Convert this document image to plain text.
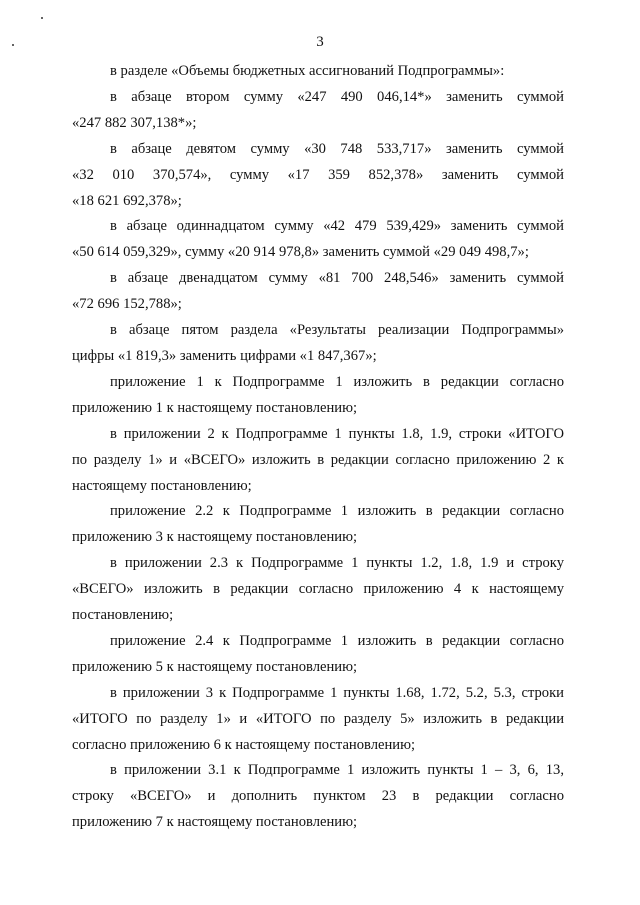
3

в разделе «Объемы бюджетных ассигнований Подпрограммы»:

в абзаце втором сумму «247 490 046,14*» заменить суммой
«247 882 307,138*»;

в абзаце девятом сумму «30 748 533,717» заменить суммой
«32 010 370,574», сумму «17 359 852,378» заменить суммой
«18 621 692,378»;

в абзаце одиннадцатом сумму «42 479 539,429» заменить суммой
«50 614 059,329», сумму «20 914 978,8» заменить суммой «29 049 498,7»;

в абзаце двенадцатом сумму «81 700 248,546» заменить суммой
«72 696 152,788»;

в абзаце пятом раздела «Результаты реализации Подпрограммы»
цифры «1 819,3» заменить цифрами «1 847,367»;

приложение 1 к Подпрограмме 1 изложить в редакции согласно
приложению 1 к настоящему постановлению;

в приложении 2 к Подпрограмме 1 пункты 1.8, 1.9, строки «ИТОГО
по разделу 1» и «ВСЕГО» изложить в редакции согласно приложению 2 к
настоящему постановлению;

приложение 2.2 к Подпрограмме 1 изложить в редакции согласно
приложению 3 к настоящему постановлению;

в приложении 2.3 к Подпрограмме 1 пункты 1.2, 1.8, 1.9 и строку
«ВСЕГО» изложить в редакции согласно приложению 4 к настоящему
постановлению;

приложение 2.4 к Подпрограмме 1 изложить в редакции согласно
приложению 5 к настоящему постановлению;

в приложении 3 к Подпрограмме 1 пункты 1.68, 1.72, 5.2, 5.3, строки
«ИТОГО по разделу 1» и «ИТОГО по разделу 5» изложить в редакции
согласно приложению 6 к настоящему постановлению;

в приложении 3.1 к Подпрограмме 1 изложить пункты 1 – 3, 6, 13,
строку «ВСЕГО» и дополнить пунктом 23 в редакции согласно
приложению 7 к настоящему постановлению;
